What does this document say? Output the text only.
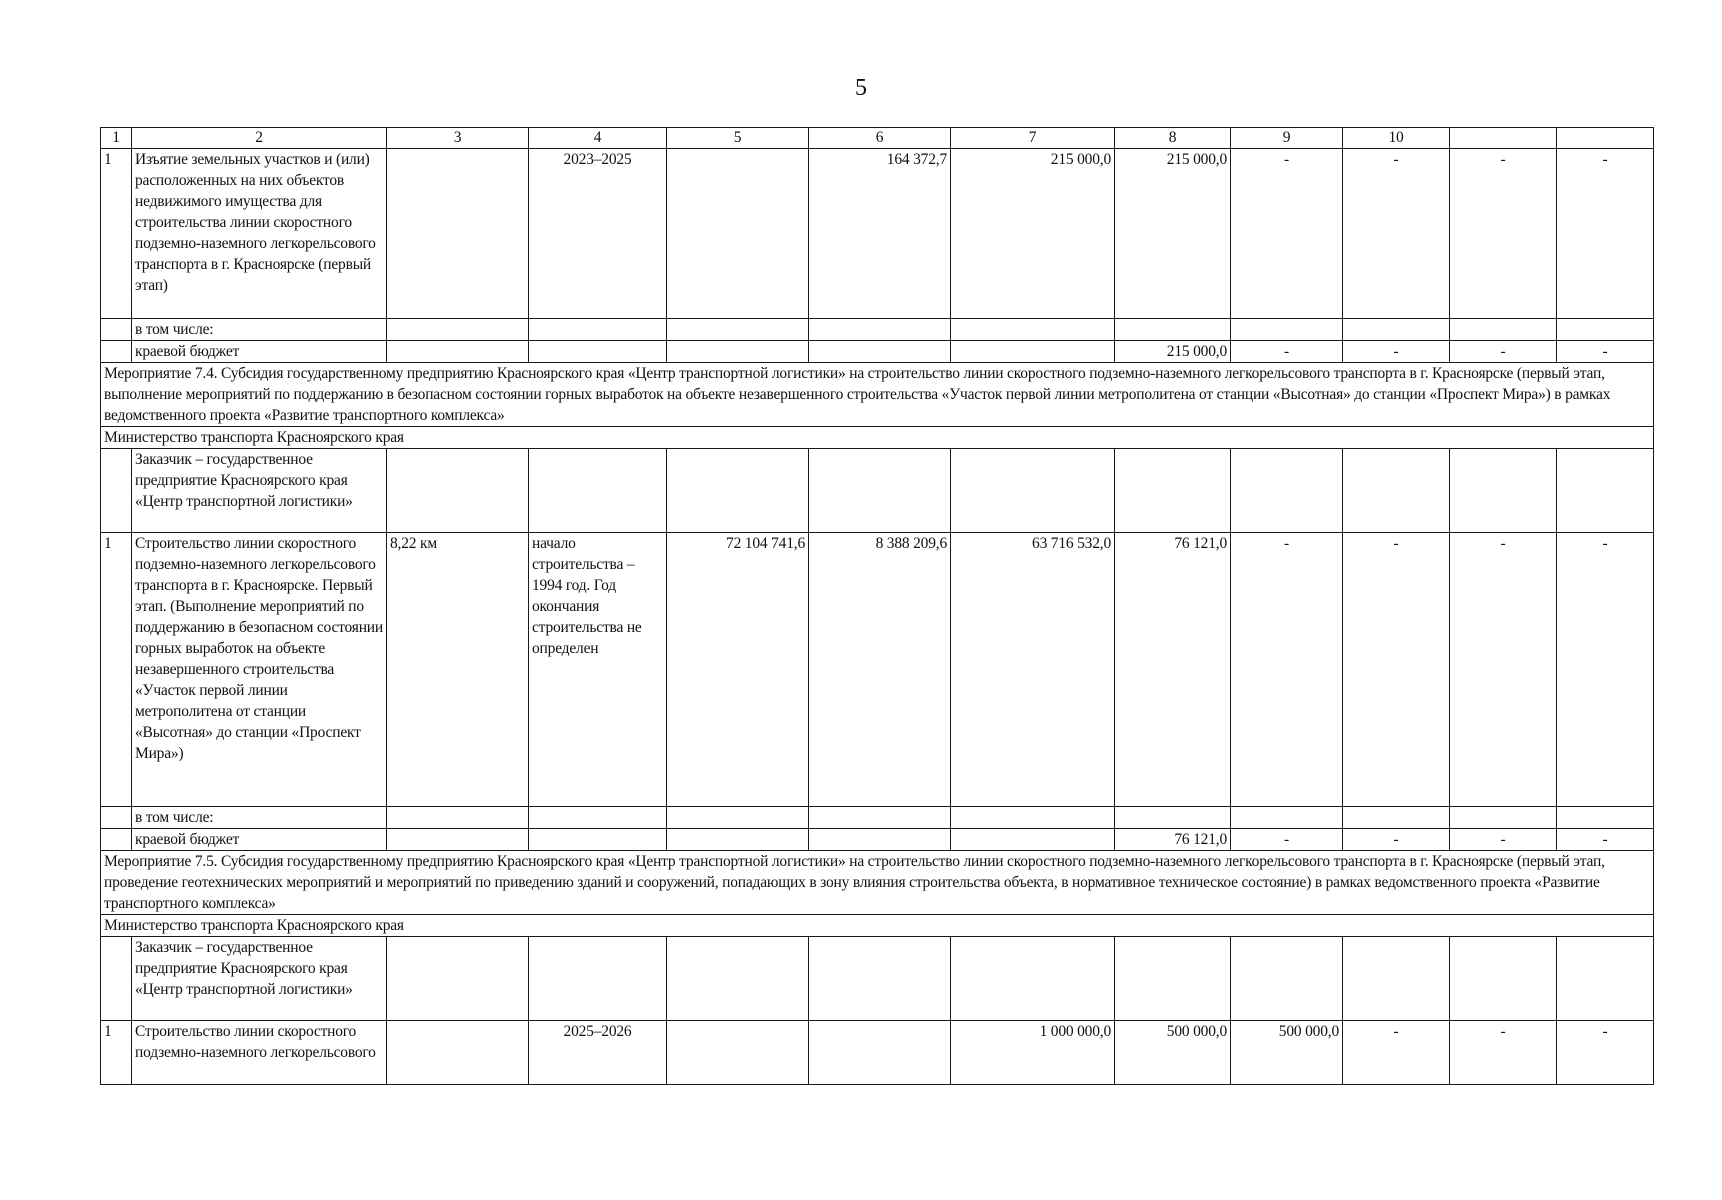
5
1	2	3	4	5	6	7	8	9	10		
1	Изъятие земельных участков и (или) расположенных на них объектов недвижимого имущества для строительства линии скоростного подземно-наземного легкорельсового транспорта в г. Красноярске (первый этап)		2023–2025		164 372,7	215 000,0	215 000,0	-	-	-	-
	в том числе:										
	краевой бюджет						215 000,0	-	-	-	-
Мероприятие 7.4. Субсидия государственному предприятию Красноярского края «Центр транспортной логистики» на строительство линии скоростного подземно-наземного легкорельсового транспорта в г. Красноярске (первый этап, выполнение мероприятий по поддержанию в безопасном состоянии горных выработок на объекте незавершенного строительства «Участок первой линии метрополитена от станции «Высотная» до станции «Проспект Мира») в рамках ведомственного проекта «Развитие транспортного комплекса»											
Министерство транспорта Красноярского края											
	Заказчик – государственное предприятие Красноярского края «Центр транспортной логистики»										
1	Строительство линии скоростного подземно-наземного легкорельсового транспорта в г. Красноярске. Первый этап. (Выполнение мероприятий по поддержанию в безопасном состоянии горных выработок на объекте незавершенного строительства «Участок первой линии метрополитена от станции «Высотная» до станции «Проспект Мира»)	8,22 км	начало строительства – 1994 год. Год окончания строительства не определен	72 104 741,6	8 388 209,6	63 716 532,0	76 121,0	-	-	-	-
	в том числе:										
	краевой бюджет						76 121,0	-	-	-	-
Мероприятие 7.5. Субсидия государственному предприятию Красноярского края «Центр транспортной логистики» на строительство линии скоростного подземно-наземного легкорельсового транспорта в г. Красноярске (первый этап, проведение геотехнических мероприятий и мероприятий по приведению зданий и сооружений, попадающих в зону влияния строительства объекта, в нормативное техническое состояние) в рамках ведомственного проекта «Развитие транспортного комплекса»											
Министерство транспорта Красноярского края											
	Заказчик – государственное предприятие Красноярского края «Центр транспортной логистики»										
1	Строительство линии скоростного подземно-наземного легкорельсового		2025–2026			1 000 000,0	500 000,0	500 000,0	-	-	-
